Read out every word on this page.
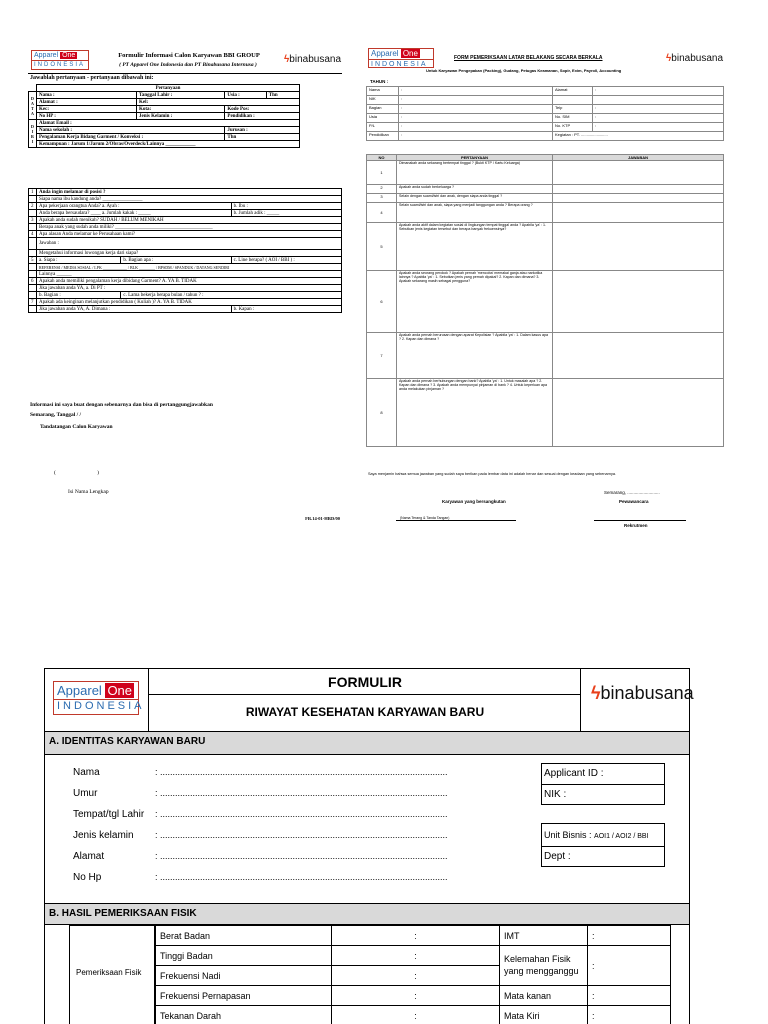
Apparel One
INDONESIA
Formulir Informasi Calon Karyawan BBI GROUP
( PT Apparel One Indonesia dan PT Binabusana Internusa )	ϟ binabusana
Jawablah pertanyaan - pertanyaan dibawah ini:
	Pertanyaan			
D A T A	Nama :	Tanggal Lahir :	Usia :	Thn
	Alamat :	Kel:		
	Kec:	Kota:	Kode Pos:	
	No HP :	Jenis Kelamin :	Pendidikan :	
D I R I	Alamat Email :			
	Nama sekolah :		Jurusan :	
	Pengalaman Kerja Bidang Garment / Konveksi :		Thn	
	Kemampuan : Jarum 1/Jarum 2/Obras/Overdeck/Lainnya ____________			
1	Anda ingin melamar di posisi ?		
	Siapa nama ibu kandung anda? ________________		
2	Apa pekerjaan orangtua Anda? a. Ayah :		b. Ibu :
	Anda berapa bersaudara? ____ a. Jumlah kakak : _____		b. Jumlah adik : _____
3	Apakah anda sudah menikah? SUDAH / BELUM MENIKAH		
	Berapa anak yang sudah anda miliki? _______________________________________		
4	Apa alasan Anda melamar ke Perusahaan kami?		
	Jawaban :		
	Mengetahui informasi lowongan kerja dari siapa?		
5	a. Siapa :	b. Bagian apa :	c. Line berapa? ( AOI / BBI ) :
	REFERENSI / MEDIA SOSIAL / LPK ____________ / BLK ________ / BPSDM / SPANDUK / DATANG SENDIRI		
	Lainnya ______		
6	Apakah anda memiliki pengalaman kerja dibidang Garment? A. YA B. TIDAK		
	Jika jawaban anda YA, a. Di PT :		
	b. Bagian :	c. Lama bekerja berapa bulan / tahun ? :	
7	Apakah ada keinginan melanjutkan pendidikan ( Kuliah )? A. YA B. TIDAK		
	Jika jawaban anda YA, A. Dimana :		b. Kapan :
Informasi ini saya buat dengan sebenarnya dan bisa di pertanggungjawabkan
Semarang, Tanggal / /
Tandatangan Calon Karyawan
(                              )
Isi Nama Lengkap
FR.14-01-HRD/00
Apparel One
INDONESIA
FORM PEMERIKSAAN LATAR BELAKANG SECARA BERKALA
Untuk Karyawan Pengepakan (Packing), Gudang, Petugas Keamanan, Sopir, Exim, Payroll, Accounting
ϟ binabusana
TAHUN :
Nama	:	Alamat	:
NIK	:		
Bagian	:	Telp	:
Usia	:	No. SIM	:
P/L	:	No. KTP	:
Pendidikan	:	Kegiatan : PT. ........................	
NO	PERTANYAAN	JAWABAN
1	Dimanakah anda sekarang bertempat tinggal ? (Bukti KTP / Kartu Keluarga)	
2	Apakah anda sudah berkeluarga ?	
3	Selain dengan suami/istri dan anak, dengan siapa anda tinggal ?	
4	Selain suami/istri dan anak, siapa yang menjadi tanggungan anda ? Berapa orang ?	
5	Apakah anda aktif dalam kegiatan sosial di lingkungan tempat tinggal anda ? Apabila 'ya' : 1. Sebutkan jenis kegiatan tersebut dan berapa banyak frekuensinya?	
6	Apakah anda seorang perokok ? Apakah pernah 'mencoba' memakai ganja atau narkotika lainnya ? Apabila 'ya' : 1. Sebutkan jenis yang pernah dipakai? 2. Kapan dan dimana? 3. Apakah sekarang masih sebagai pengguna?	
7	Apakah anda pernah berurusan dengan aparat Kepolisian ? Apabila 'ya' : 1. Dalam kasus apa ? 2. Kapan dan dimana ?	
8	Apakah anda pernah berhubungan dengan bank? Apabila 'ya' : 1. Untuk masalah apa ? 2. Kapan dan dimana ? 3. Apakah anda mempunyai pinjaman di bank ? 4. Untuk keperluan apa anda melakukan pinjaman ?	
Saya menjamin bahwa semua jawaban yang sudah saya berikan pada lembar data ini adalah benar dan sesuai dengan keadaan yang sebenarnya.
Semarang, ..........................
Karyawan yang bersangkutan	Pewawancara
(Nama Terang & Tanda Tangan)
Rekrutmen
Apparel One
INDONESIA
FORMULIR
RIWAYAT KESEHATAN KARYAWAN BARU
ϟ binabusana
A. IDENTITAS KARYAWAN BARU
Nama	: ...................................................................................................................
Umur	: ...................................................................................................................
Tempat/tgl Lahir : ...................................................................................................................
Jenis kelamin : ...................................................................................................................
Alamat	: ...................................................................................................................
No Hp	: ...................................................................................................................
Applicant ID :
NIK :
Unit Bisnis : AOI1 / AOI2 / BBI
Dept :
B. HASIL PEMERIKSAAN FISIK
Pemeriksaan Fisik
Berat Badan	:	IMT	:
Tinggi Badan	:	Kelemahan Fisik yang mengganggu	:
Frekuensi Nadi	:		
Frekuensi Pernapasan	:	Mata kanan	:
Tekanan Darah	:	Mata Kiri	:
